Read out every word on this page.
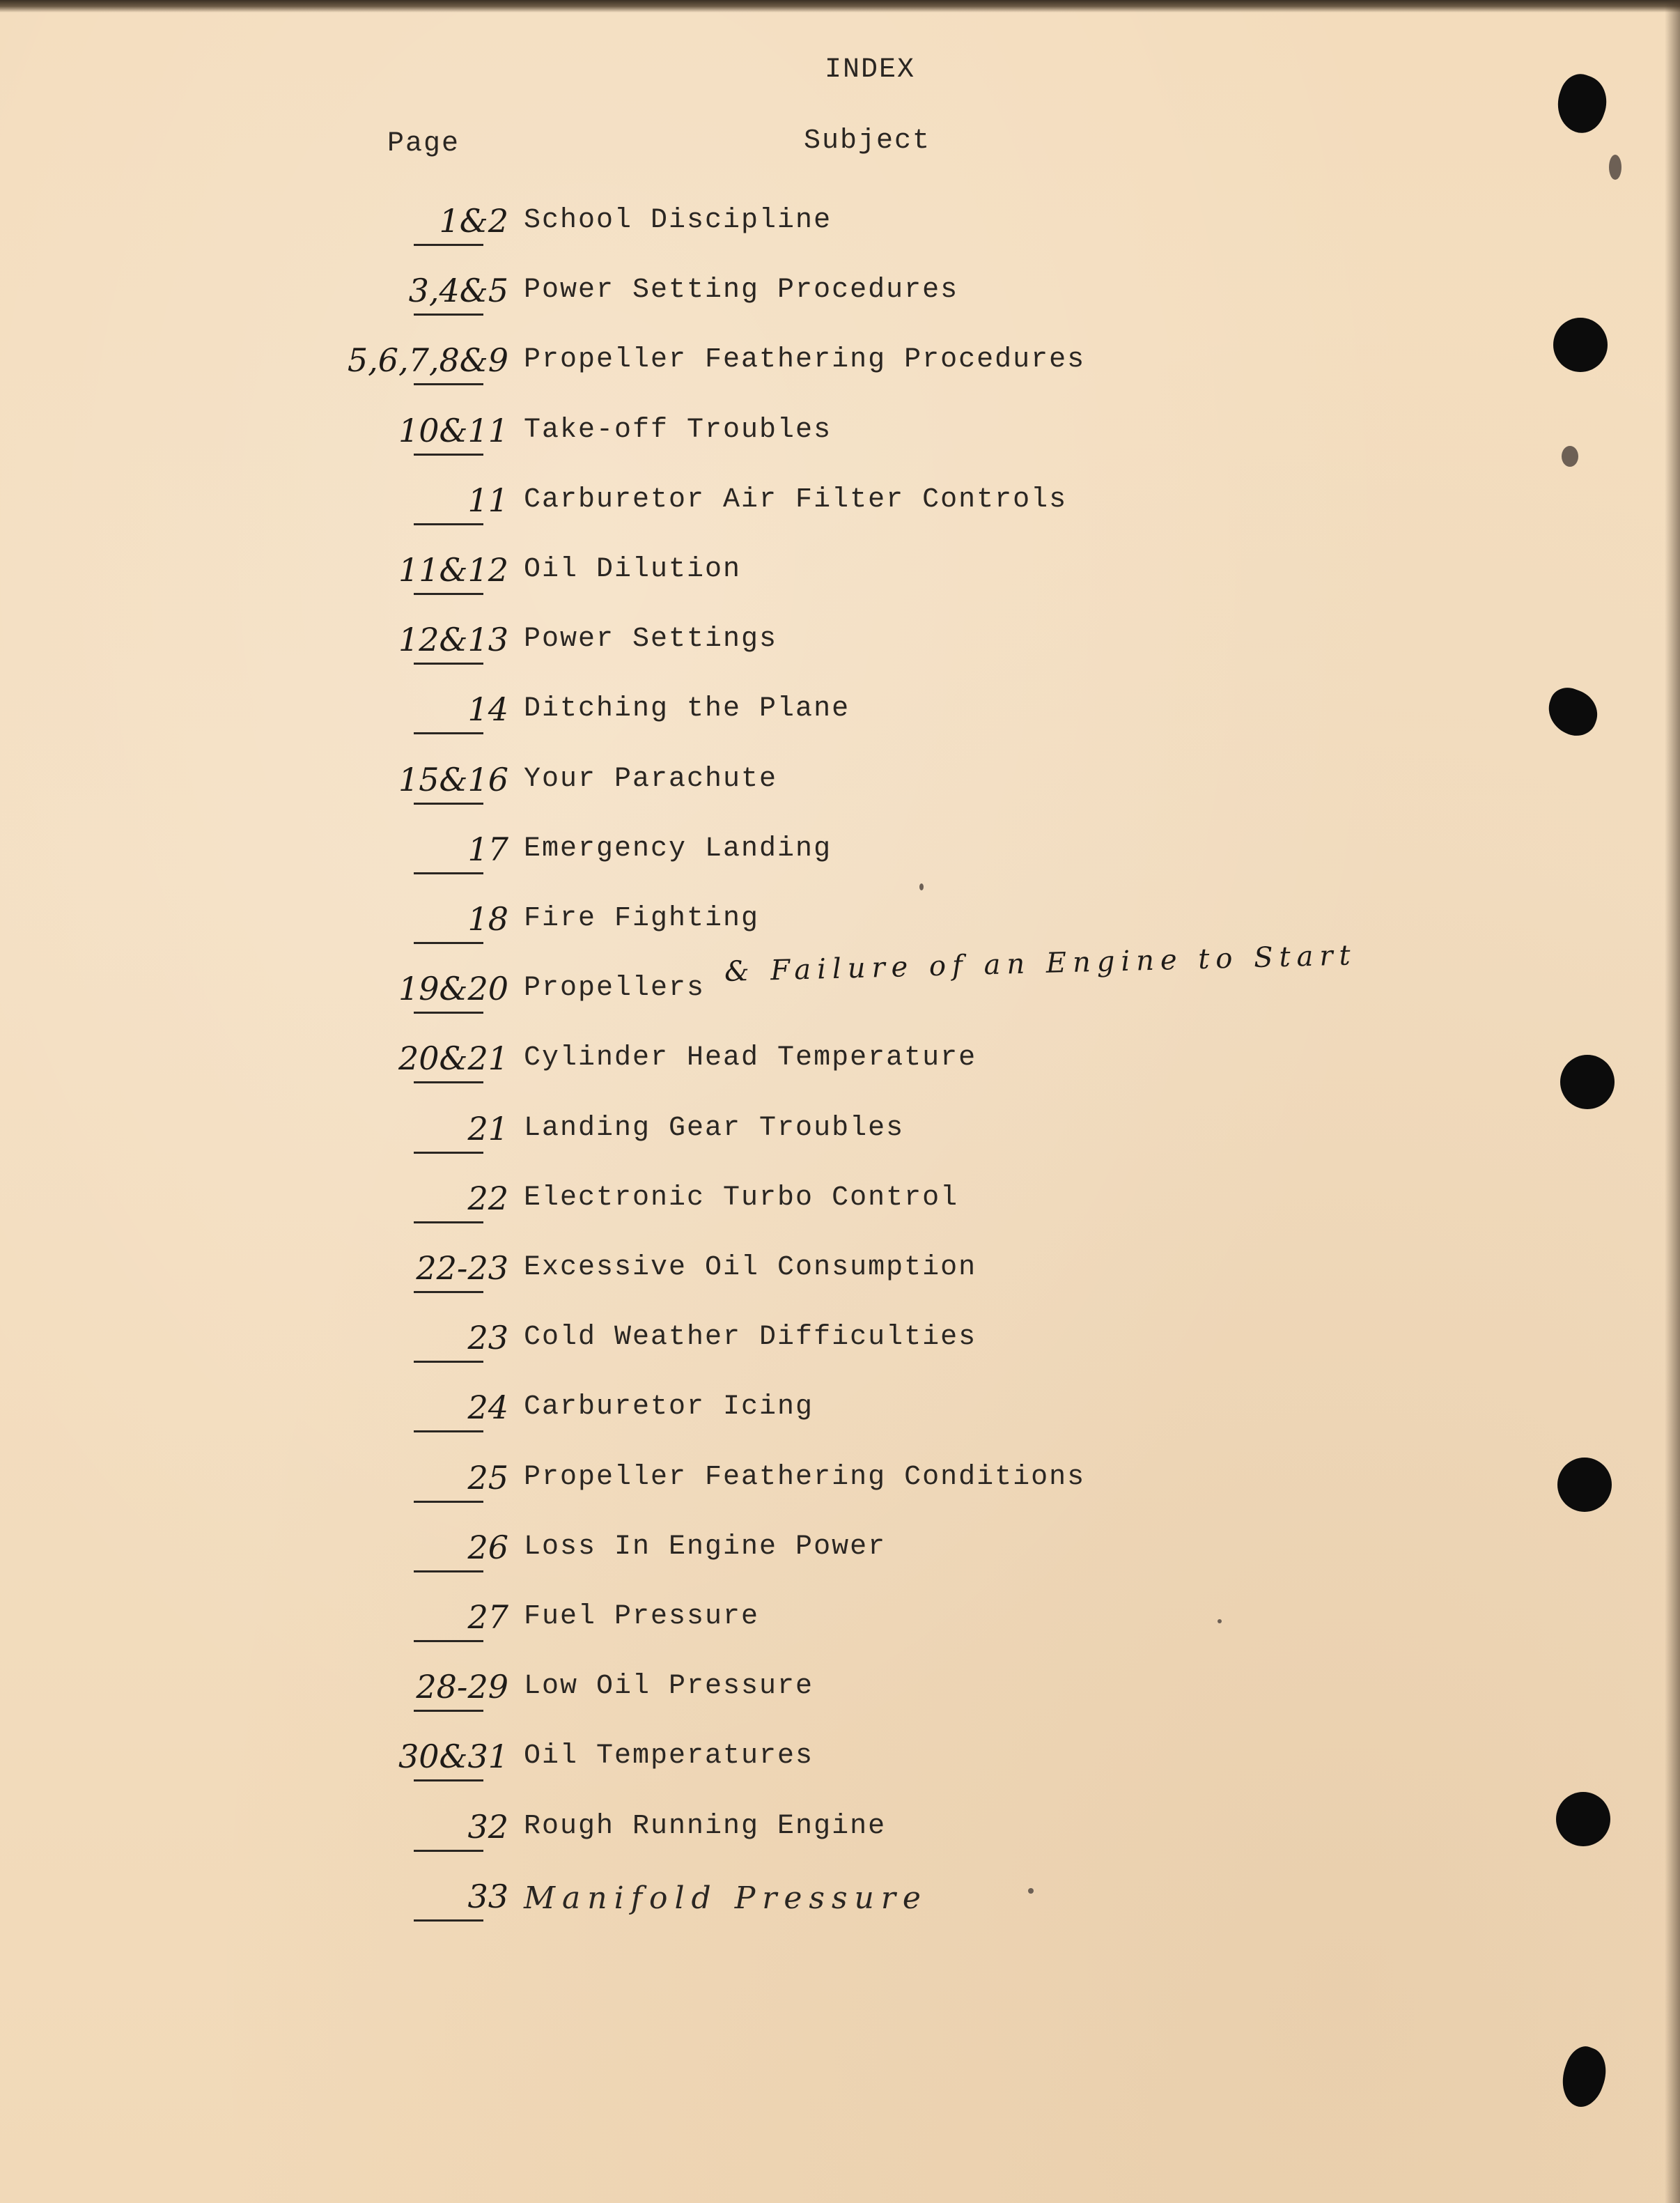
INDEX
Page	Subject
1&2 School Discipline
3,4&5 Power Setting Procedures
5,6,7,8&9 Propeller Feathering Procedures
10&11 Take-off Troubles
11 Carburetor Air Filter Controls
11&12 Oil Dilution
12&13 Power Settings
14 Ditching the Plane
15&16 Your Parachute
17 Emergency Landing
18 Fire Fighting
19&20 Propellers
& Failure of an Engine to Start
20&21 Cylinder Head Temperature
21 Landing Gear Troubles
22 Electronic Turbo Control
22-23 Excessive Oil Consumption
23 Cold Weather Difficulties
24 Carburetor Icing
25 Propeller Feathering Conditions
26 Loss In Engine Power
27 Fuel Pressure
28-29 Low Oil Pressure
30&31 Oil Temperatures
32 Rough Running Engine
33 Manifold Pressure
